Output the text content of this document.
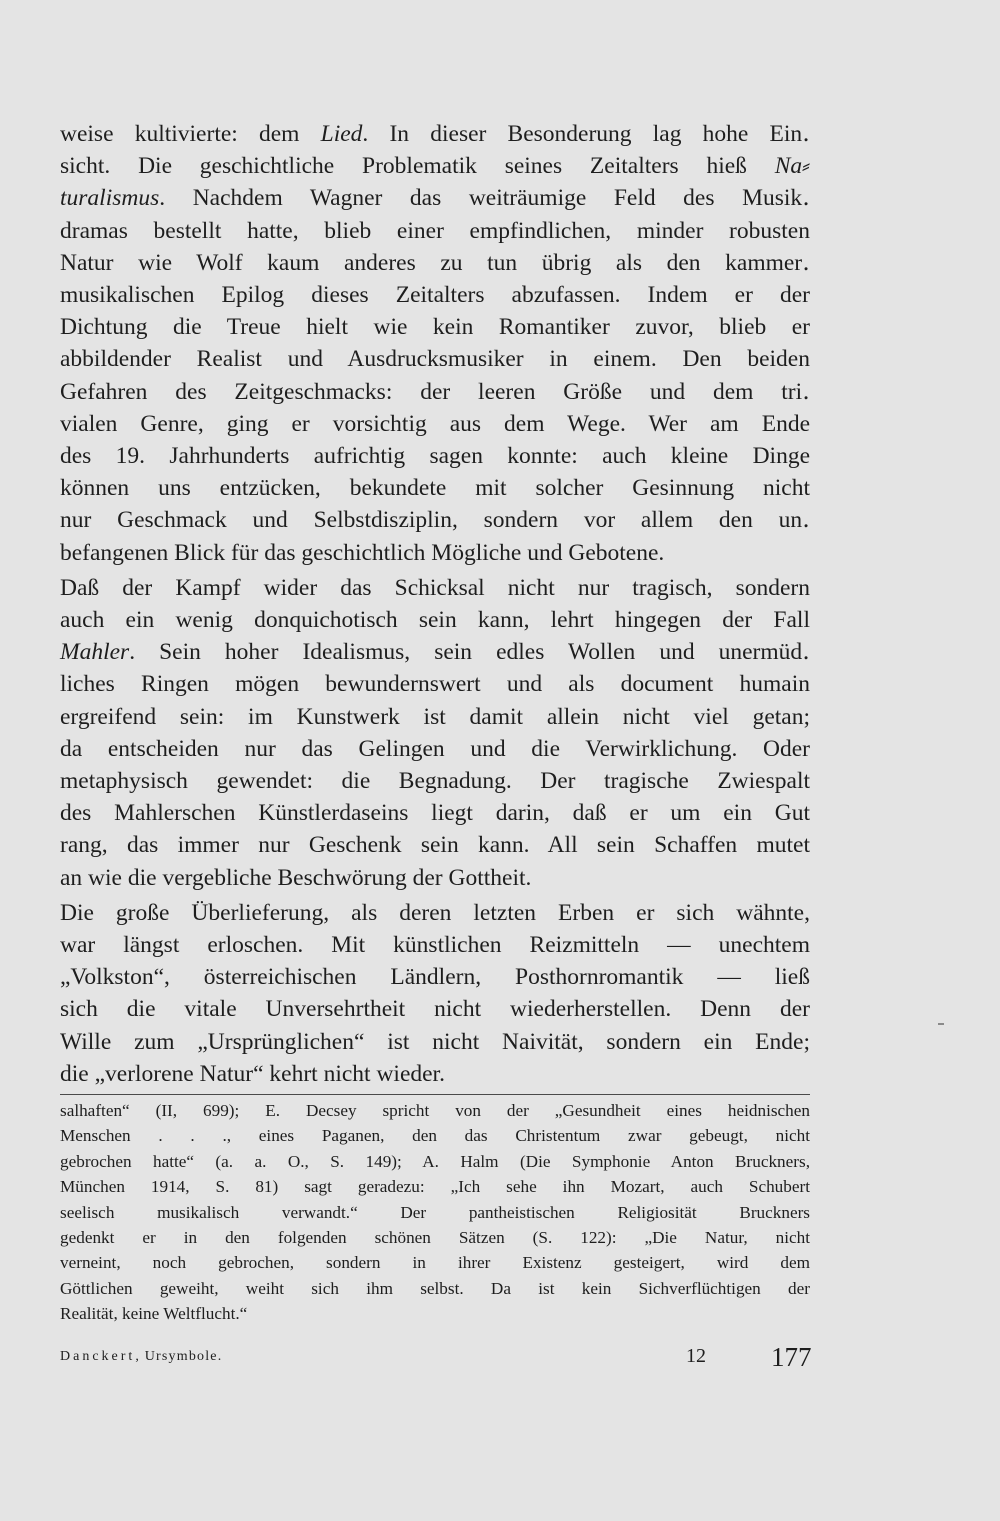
weise kultivierte: dem Lied. In dieser Besonderung lag hohe Ein․
sicht. Die geschichtliche Problematik seines Zeitalters hieß Na⸗
turalismus. Nachdem Wagner das weiträumige Feld des Musik․
dramas bestellt hatte, blieb einer empfindlichen, minder robusten
Natur wie Wolf kaum anderes zu tun übrig als den kammer․
musikalischen Epilog dieses Zeitalters abzufassen. Indem er der
Dichtung die Treue hielt wie kein Romantiker zuvor, blieb er
abbildender Realist und Ausdrucksmusiker in einem. Den beiden
Gefahren des Zeitgeschmacks: der leeren Größe und dem tri․
vialen Genre, ging er vorsichtig aus dem Wege. Wer am Ende
des 19. Jahrhunderts aufrichtig sagen konnte: auch kleine Dinge
können uns entzücken, bekundete mit solcher Gesinnung nicht
nur Geschmack und Selbstdisziplin, sondern vor allem den un․
befangenen Blick für das geschichtlich Mögliche und Gebotene.

Daß der Kampf wider das Schicksal nicht nur tragisch, sondern
auch ein wenig donquichotisch sein kann, lehrt hingegen der Fall
Mahler. Sein hoher Idealismus, sein edles Wollen und unermüd․
liches Ringen mögen bewundernswert und als document humain
ergreifend sein: im Kunstwerk ist damit allein nicht viel getan;
da entscheiden nur das Gelingen und die Verwirklichung. Oder
metaphysisch gewendet: die Begnadung. Der tragische Zwiespalt
des Mahlerschen Künstlerdaseins liegt darin, daß er um ein Gut
rang, das immer nur Geschenk sein kann. All sein Schaffen mutet
an wie die vergebliche Beschwörung der Gottheit.

Die große Überlieferung, als deren letzten Erben er sich wähnte,
war längst erloschen. Mit künstlichen Reizmitteln — unechtem
„Volkston“, österreichischen Ländlern, Posthornromantik — ließ
sich die vitale Unversehrtheit nicht wiederherstellen. Denn der
Wille zum „Ursprünglichen“ ist nicht Naivität, sondern ein Ende;
die „verlorene Natur“ kehrt nicht wieder.

salhaften“ (II, 699); E. Decsey spricht von der „Gesundheit eines heidnischen
Menschen . . ., eines Paganen, den das Christentum zwar gebeugt, nicht
gebrochen hatte“ (a. a. O., S. 149); A. Halm (Die Symphonie Anton Bruckners,
München 1914, S. 81) sagt geradezu: „Ich sehe ihn Mozart, auch Schubert
seelisch musikalisch verwandt.“ Der pantheistischen Religiosität Bruckners
gedenkt er in den folgenden schönen Sätzen (S. 122): „Die Natur, nicht
verneint, noch gebrochen, sondern in ihrer Existenz gesteigert, wird dem
Göttlichen geweiht, weiht sich ihm selbst. Da ist kein Sichverflüchtigen der
Realität, keine Weltflucht.“
Danckert, Ursymbole.	12 177
